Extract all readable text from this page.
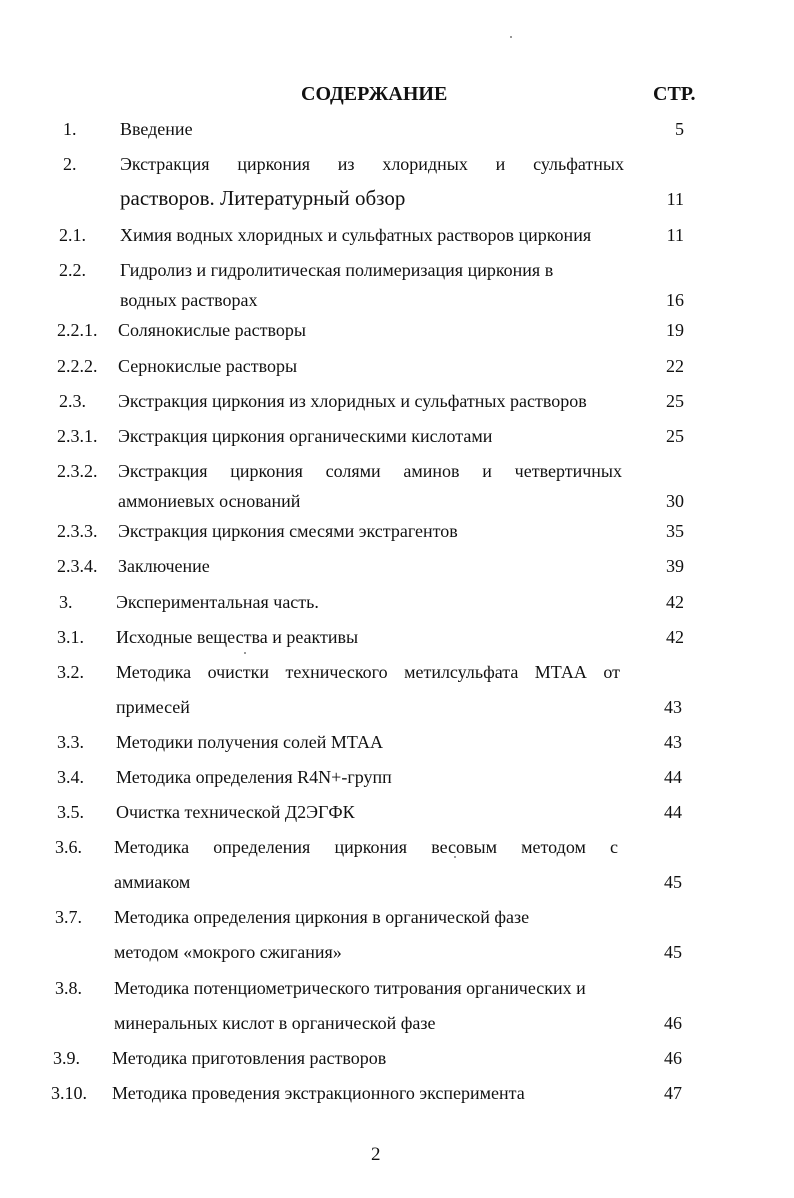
СОДЕРЖАНИЕ	СТР.
1. Введение	5
2. Экстракция циркония из хлоридных и сульфатных
растворов. Литературный обзор	11
2.1. Химия водных хлоридных и сульфатных растворов циркония	11
2.2. Гидролиз и гидролитическая полимеризация циркония в
водных растворах	16
2.2.1. Солянокислые растворы	19
2.2.2. Сернокислые растворы	22
2.3. Экстракция циркония из хлоридных и сульфатных растворов	25
2.3.1. Экстракция циркония органическими кислотами	25
2.3.2. Экстракция циркония солями аминов и четвертичных
аммониевых оснований	30
2.3.3. Экстракция циркония смесями экстрагентов	35
2.3.4. Заключение	39
3. Экспериментальная часть.	42
3.1. Исходные вещества и реактивы	42
3.2. Методика очистки технического метилсульфата МТАА от
примесей	43
3.3. Методики получения солей МТАА	43
3.4. Методика определения R4N+-групп	44
3.5. Очистка технической Д2ЭГФК	44
3.6. Методика определения циркония весовым методом с
аммиаком	45
3.7. Методика определения циркония в органической фазе
методом «мокрого сжигания»	45
3.8. Методика потенциометрического титрования органических и
минеральных кислот в органической фазе	46
3.9. Методика приготовления растворов	46
3.10. Методика проведения экстракционного эксперимента	47
2
